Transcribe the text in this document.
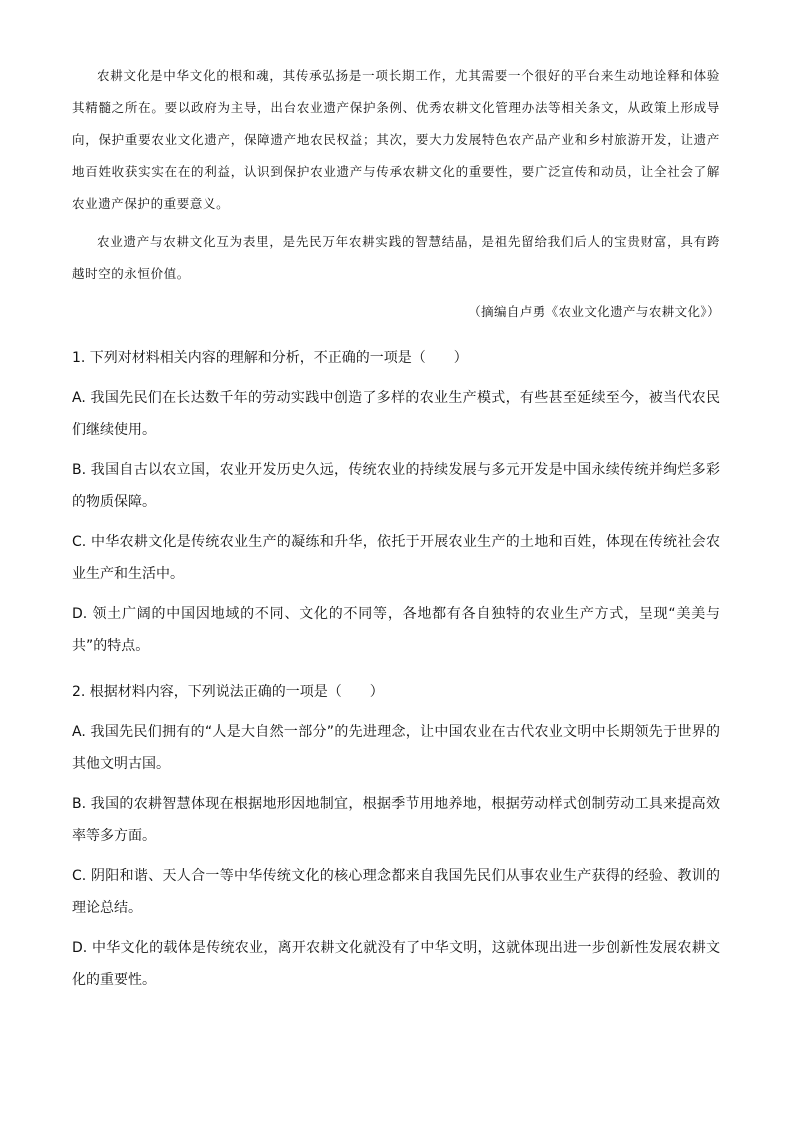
农耕文化是中华文化的根和魂，其传承弘扬是一项长期工作，尤其需要一个很好的平台来生动地诠释和体验其精髓之所在。要以政府为主导，出台农业遗产保护条例、优秀农耕文化管理办法等相关条文，从政策上形成导向，保护重要农业文化遗产，保障遗产地农民权益；其次，要大力发展特色农产品产业和乡村旅游开发，让遗产地百姓收获实实在在的利益，认识到保护农业遗产与传承农耕文化的重要性，要广泛宣传和动员，让全社会了解农业遗产保护的重要意义。

农业遗产与农耕文化互为表里，是先民万年农耕实践的智慧结晶，是祖先留给我们后人的宝贵财富，具有跨越时空的永恒价值。

（摘编自卢勇《农业文化遗产与农耕文化》）

1. 下列对材料相关内容的理解和分析，不正确的一项是（　　）

A. 我国先民们在长达数千年的劳动实践中创造了多样的农业生产模式，有些甚至延续至今，被当代农民们继续使用。

B. 我国自古以农立国，农业开发历史久远，传统农业的持续发展与多元开发是中国永续传统并绚烂多彩的物质保障。

C. 中华农耕文化是传统农业生产的凝练和升华，依托于开展农业生产的土地和百姓，体现在传统社会农业生产和生活中。

D. 领土广阔的中国因地域的不同、文化的不同等，各地都有各自独特的农业生产方式，呈现“美美与共”的特点。

2. 根据材料内容，下列说法正确的一项是（　　）

A. 我国先民们拥有的“人是大自然一部分”的先进理念，让中国农业在古代农业文明中长期领先于世界的其他文明古国。

B. 我国的农耕智慧体现在根据地形因地制宜，根据季节用地养地，根据劳动样式创制劳动工具来提高效率等多方面。

C. 阴阳和谐、天人合一等中华传统文化的核心理念都来自我国先民们从事农业生产获得的经验、教训的理论总结。

D. 中华文化的载体是传统农业，离开农耕文化就没有了中华文明，这就体现出进一步创新性发展农耕文化的重要性。
